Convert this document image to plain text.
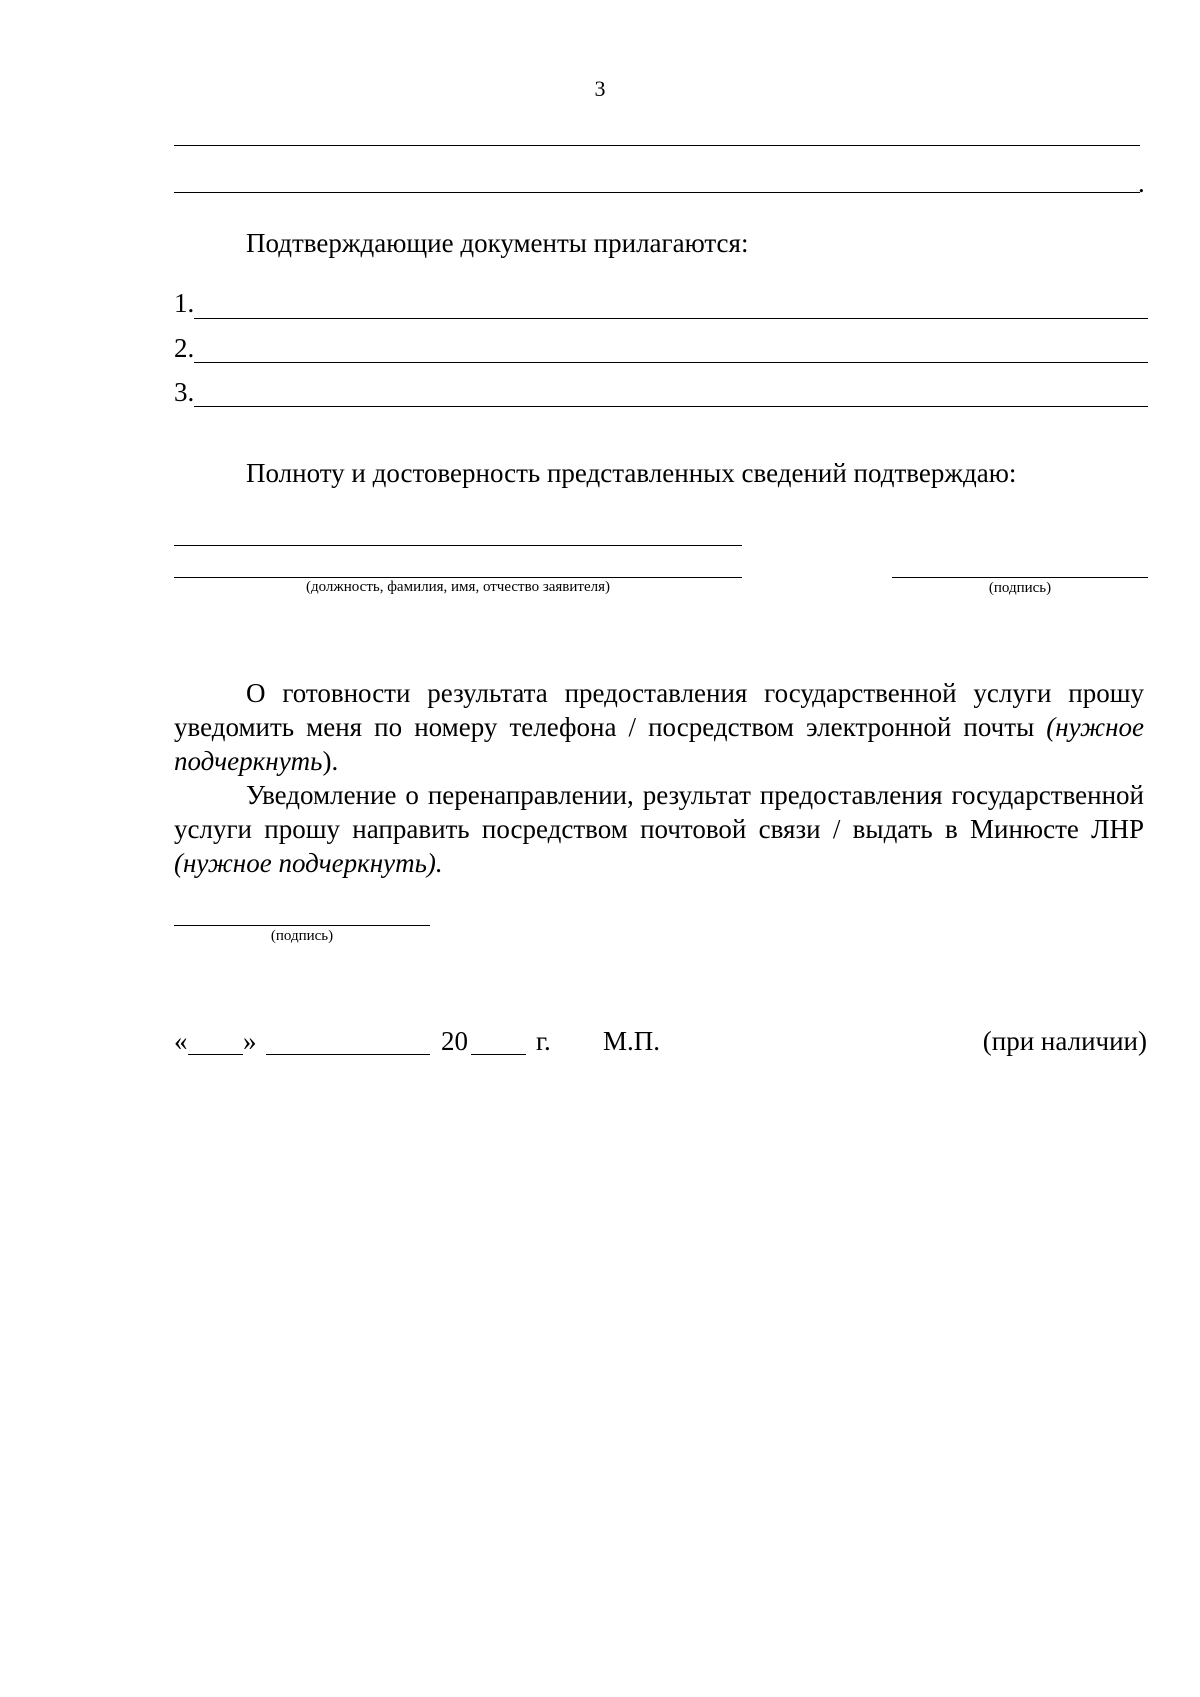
3
.
Подтверждающие документы прилагаются:
1.
2.
3.
Полноту и достоверность представленных сведений подтверждаю:
(должность, фамилия, имя, отчество заявителя)	(подпись)
О готовности результата предоставления государственной услуги прошу уведомить меня по номеру телефона / посредством электронной почты (нужное подчеркнуть).
Уведомление о перенаправлении, результат предоставления государственной услуги прошу направить посредством почтовой связи / выдать в Минюсте ЛНР (нужное подчеркнуть).
(подпись)
« »	20	г. М.П.	(при наличии)
